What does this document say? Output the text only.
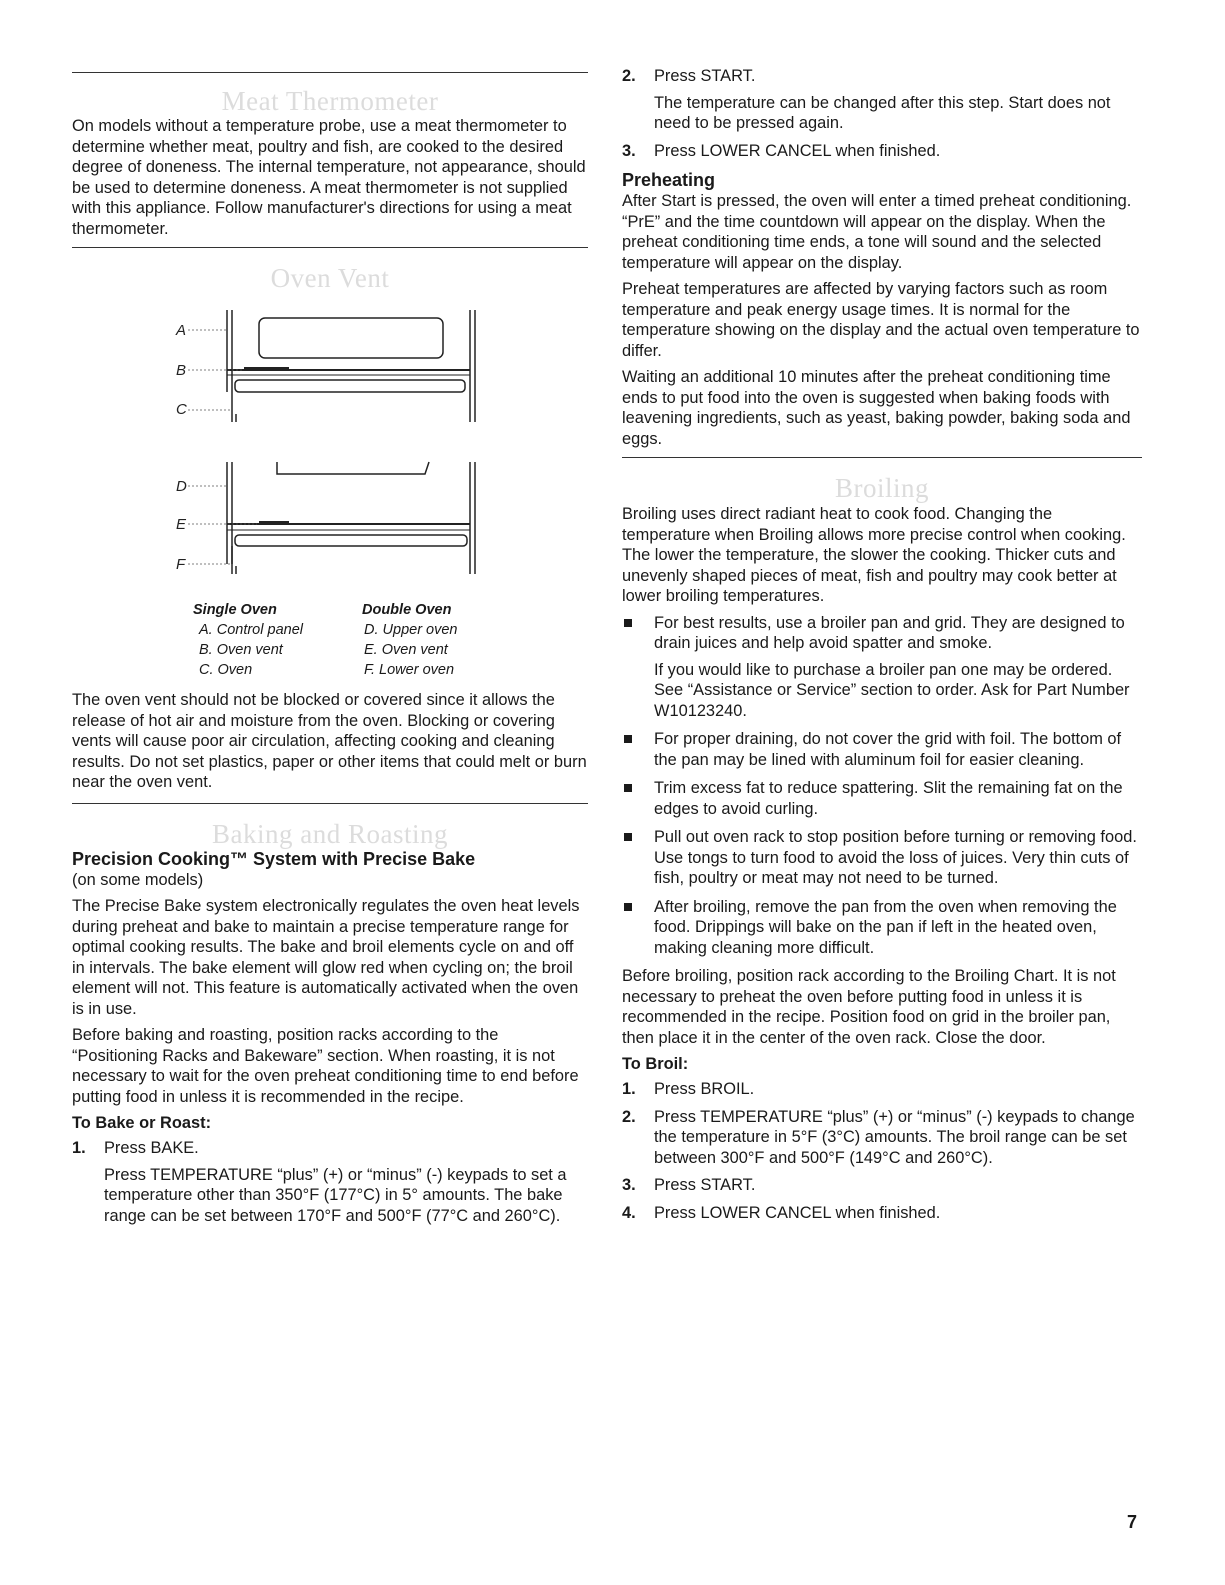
Meat Thermometer

On models without a temperature probe, use a meat thermometer to determine whether meat, poultry and fish, are cooked to the desired degree of doneness. The internal temperature, not appearance, should be used to determine doneness. A meat thermometer is not supplied with this appliance. Follow manufacturer's directions for using a meat thermometer.

Oven Vent
A
B
C
D
E
F
Single Oven
A. Control panel
B. Oven vent
C. Oven
Double Oven
D. Upper oven
E. Oven vent
F. Lower oven

The oven vent should not be blocked or covered since it allows the release of hot air and moisture from the oven. Blocking or covering vents will cause poor air circulation, affecting cooking and cleaning results. Do not set plastics, paper or other items that could melt or burn near the oven vent.

Baking and Roasting
Precision Cooking™ System with Precise Bake

(on some models)

The Precise Bake system electronically regulates the oven heat levels during preheat and bake to maintain a precise temperature range for optimal cooking results. The bake and broil elements cycle on and off in intervals. The bake element will glow red when cycling on; the broil element will not. This feature is automatically activated when the oven is in use.

Before baking and roasting, position racks according to the “Positioning Racks and Bakeware” section. When roasting, it is not necessary to wait for the oven preheat conditioning time to end before putting food in unless it is recommended in the recipe.

To Bake or Roast:
1. Press BAKE.

Press TEMPERATURE “plus” (+) or “minus” (-) keypads to set a temperature other than 350°F (177°C) in 5° amounts. The bake range can be set between 170°F and 500°F (77°C and 260°C).

2. Press START.

The temperature can be changed after this step. Start does not need to be pressed again.

3. Press LOWER CANCEL when finished.

Preheating

After Start is pressed, the oven will enter a timed preheat conditioning. “PrE” and the time countdown will appear on the display. When the preheat conditioning time ends, a tone will sound and the selected temperature will appear on the display.

Preheat temperatures are affected by varying factors such as room temperature and peak energy usage times. It is normal for the temperature showing on the display and the actual oven temperature to differ.

Waiting an additional 10 minutes after the preheat conditioning time ends to put food into the oven is suggested when baking foods with leavening ingredients, such as yeast, baking powder, baking soda and eggs.

Broiling

Broiling uses direct radiant heat to cook food. Changing the temperature when Broiling allows more precise control when cooking. The lower the temperature, the slower the cooking. Thicker cuts and unevenly shaped pieces of meat, fish and poultry may cook better at lower broiling temperatures.

For best results, use a broiler pan and grid. They are designed to drain juices and help avoid spatter and smoke.

If you would like to purchase a broiler pan one may be ordered. See “Assistance or Service” section to order. Ask for Part Number W10123240.

For proper draining, do not cover the grid with foil. The bottom of the pan may be lined with aluminum foil for easier cleaning.

Trim excess fat to reduce spattering. Slit the remaining fat on the edges to avoid curling.

Pull out oven rack to stop position before turning or removing food. Use tongs to turn food to avoid the loss of juices. Very thin cuts of fish, poultry or meat may not need to be turned.

After broiling, remove the pan from the oven when removing the food. Drippings will bake on the pan if left in the heated oven, making cleaning more difficult.

Before broiling, position rack according to the Broiling Chart. It is not necessary to preheat the oven before putting food in unless it is recommended in the recipe. Position food on grid in the broiler pan, then place it in the center of the oven rack. Close the door.

To Broil:
1. Press BROIL.

2. Press TEMPERATURE “plus” (+) or “minus” (-) keypads to change the temperature in 5°F (3°C) amounts. The broil range can be set between 300°F and 500°F (149°C and 260°C).

3. Press START.

4. Press LOWER CANCEL when finished.

7
